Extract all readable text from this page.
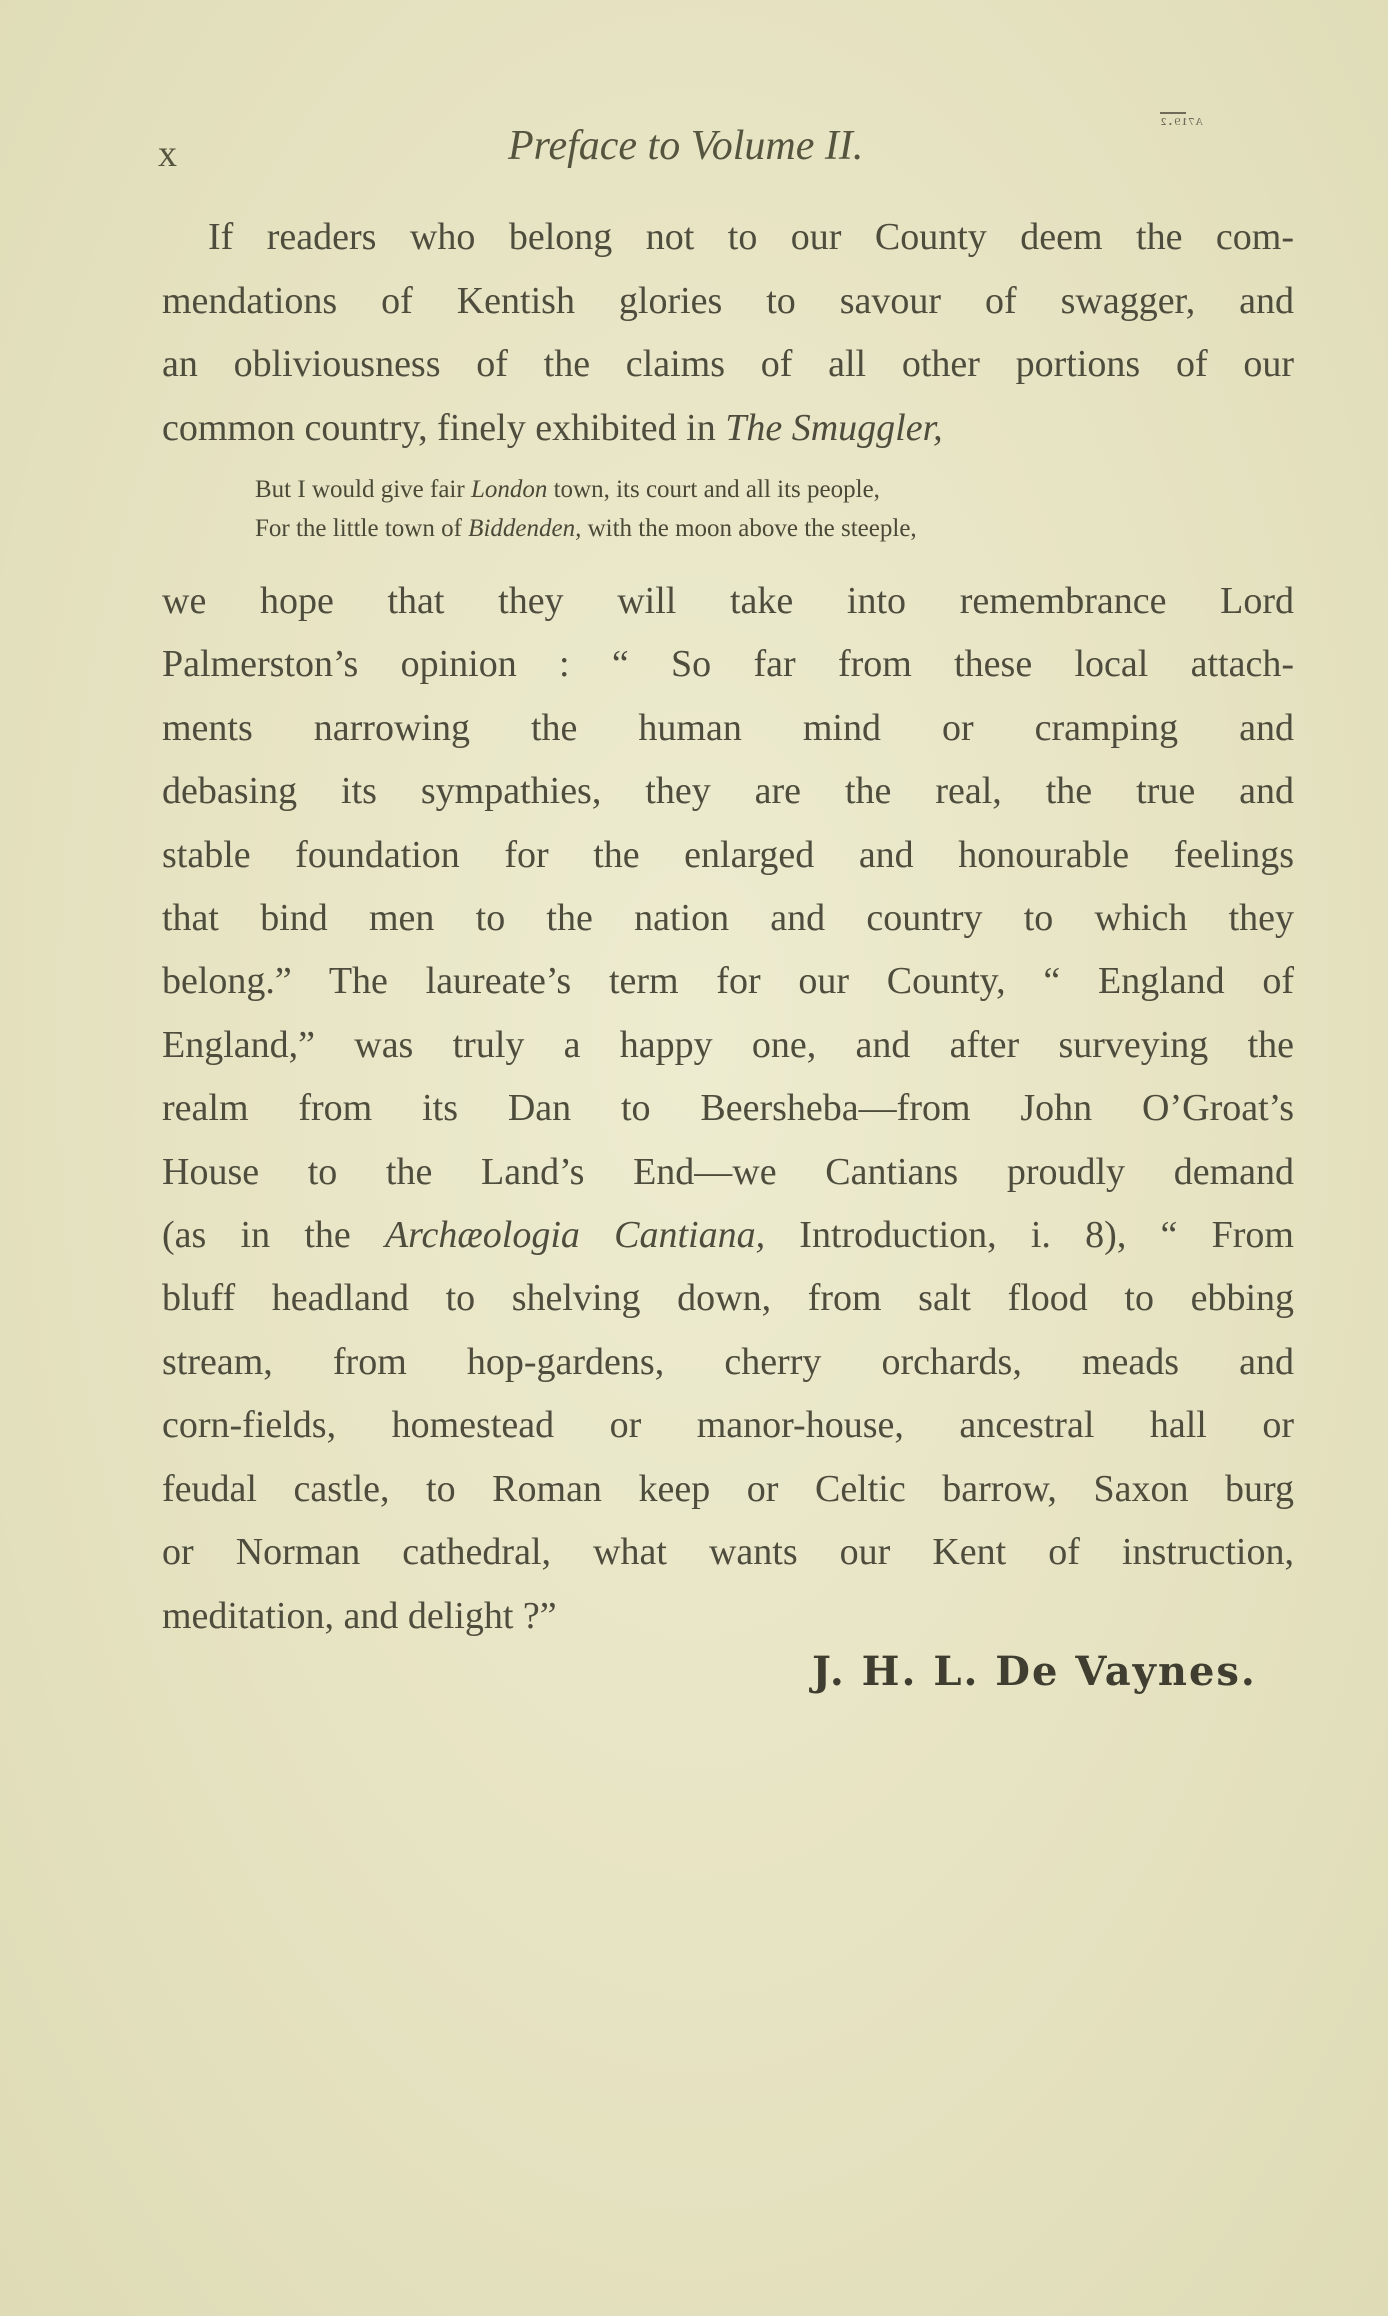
x	Preface to Volume II.	ᴬ⁷¹⁹·²
If readers who belong not to our County deem the com-
mendations of Kentish glories to savour of swagger, and
an obliviousness of the claims of all other portions of our
common country, finely exhibited in The Smuggler,
But I would give fair London town, its court and all its people,
For the little town of Biddenden, with the moon above the steeple,
we hope that they will take into remembrance Lord
Palmerston’s opinion : “ So far from these local attach-
ments narrowing the human mind or cramping and
debasing its sympathies, they are the real, the true and
stable foundation for the enlarged and honourable feelings
that bind men to the nation and country to which they
belong.” The laureate’s term for our County, “ England of
England,” was truly a happy one, and after surveying the
realm from its Dan to Beersheba—from John O’Groat’s
House to the Land’s End—we Cantians proudly demand
(as in the Archæologia Cantiana, Introduction, i. 8), “ From
bluff headland to shelving down, from salt flood to ebbing
stream, from hop-gardens, cherry orchards, meads and
corn-fields, homestead or manor-house, ancestral hall or
feudal castle, to Roman keep or Celtic barrow, Saxon burg
or Norman cathedral, what wants our Kent of instruction,
meditation, and delight ?”
J. H. L. De Vaynes.
